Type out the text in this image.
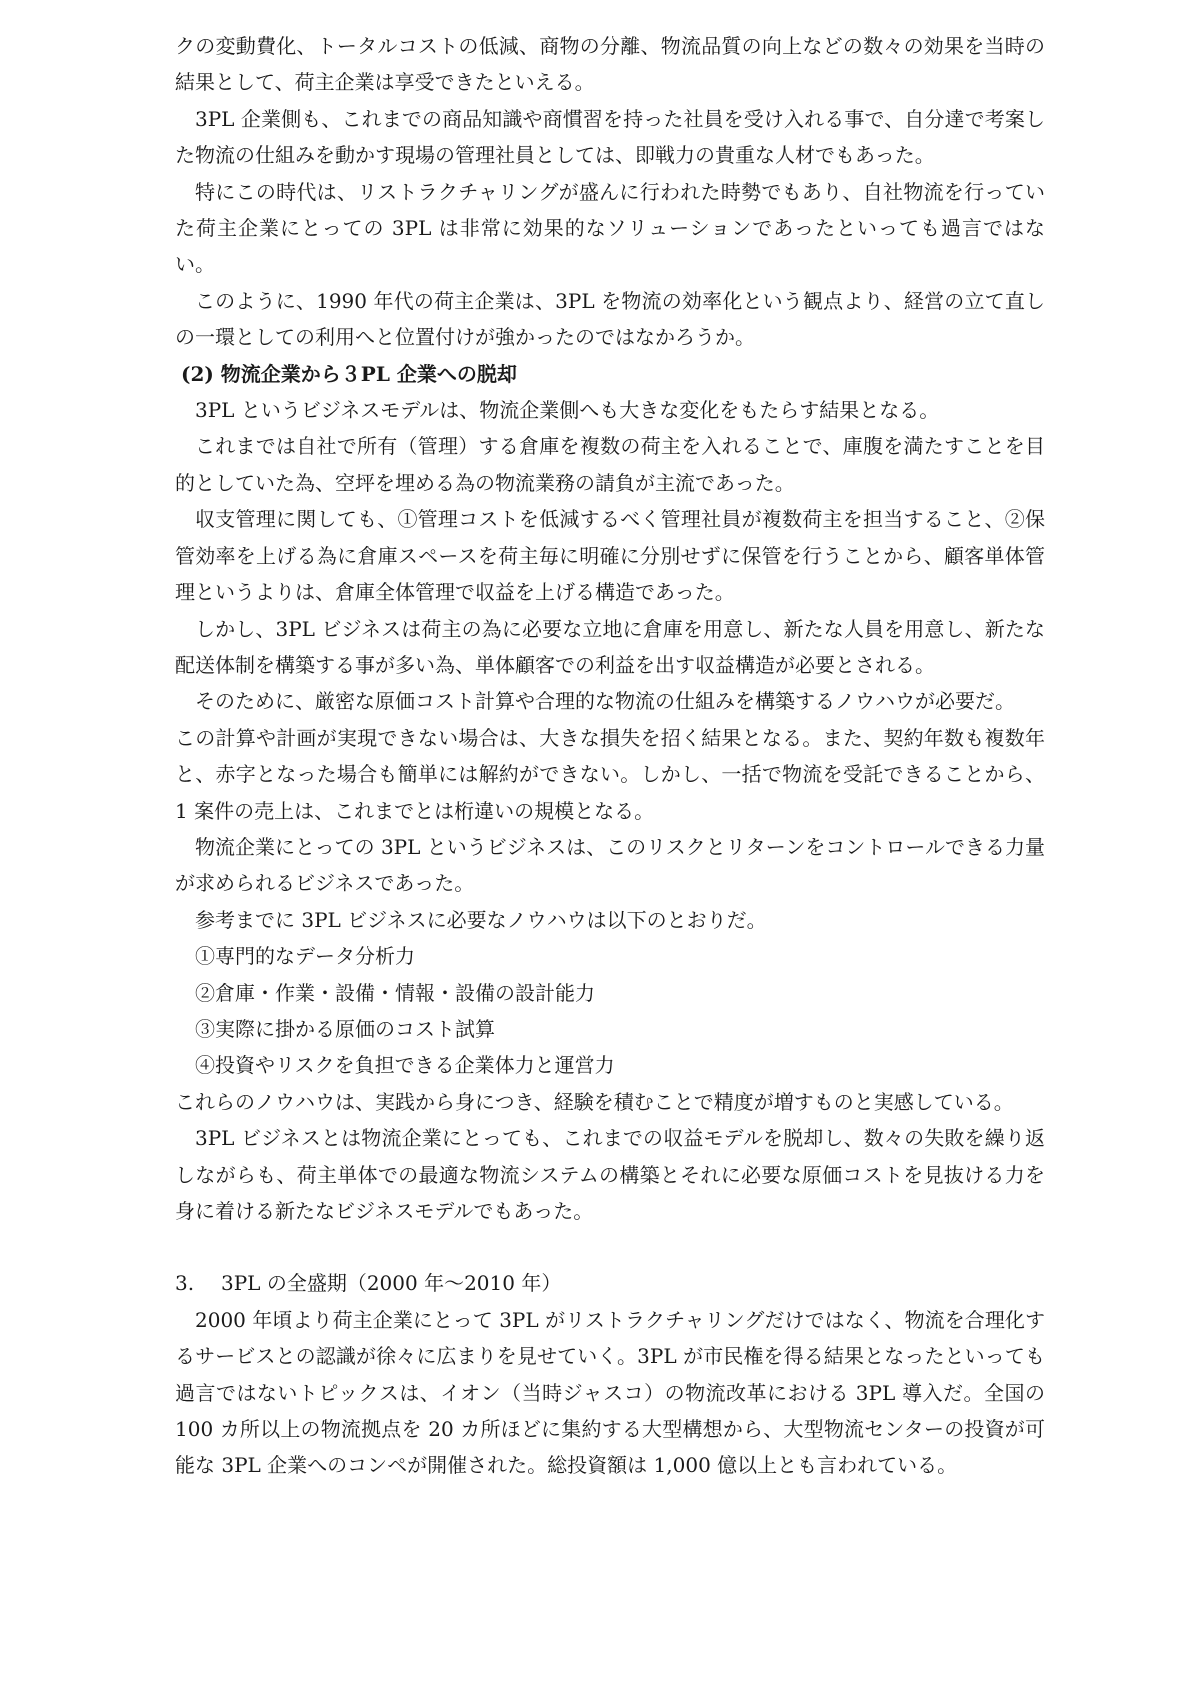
クの変動費化、トータルコストの低減、商物の分離、物流品質の向上などの数々の効果を当時の結果として、荷主企業は享受できたといえる。

3PL 企業側も、これまでの商品知識や商慣習を持った社員を受け入れる事で、自分達で考案した物流の仕組みを動かす現場の管理社員としては、即戦力の貴重な人材でもあった。

特にこの時代は、リストラクチャリングが盛んに行われた時勢でもあり、自社物流を行っていた荷主企業にとっての 3PL は非常に効果的なソリューションであったといっても過言ではない。

このように、1990 年代の荷主企業は、3PL を物流の効率化という観点より、経営の立て直しの一環としての利用へと位置付けが強かったのではなかろうか。

(2) 物流企業から３PL 企業への脱却

3PL というビジネスモデルは、物流企業側へも大きな変化をもたらす結果となる。

これまでは自社で所有（管理）する倉庫を複数の荷主を入れることで、庫腹を満たすことを目的としていた為、空坪を埋める為の物流業務の請負が主流であった。

収支管理に関しても、①管理コストを低減するべく管理社員が複数荷主を担当すること、②保管効率を上げる為に倉庫スペースを荷主毎に明確に分別せずに保管を行うことから、顧客単体管理というよりは、倉庫全体管理で収益を上げる構造であった。

しかし、3PL ビジネスは荷主の為に必要な立地に倉庫を用意し、新たな人員を用意し、新たな配送体制を構築する事が多い為、単体顧客での利益を出す収益構造が必要とされる。

そのために、厳密な原価コスト計算や合理的な物流の仕組みを構築するノウハウが必要だ。

この計算や計画が実現できない場合は、大きな損失を招く結果となる。また、契約年数も複数年と、赤字となった場合も簡単には解約ができない。しかし、一括で物流を受託できることから、1 案件の売上は、これまでとは桁違いの規模となる。

物流企業にとっての 3PL というビジネスは、このリスクとリターンをコントロールできる力量が求められるビジネスであった。

参考までに 3PL ビジネスに必要なノウハウは以下のとおりだ。

①専門的なデータ分析力

②倉庫・作業・設備・情報・設備の設計能力

③実際に掛かる原価のコスト試算

④投資やリスクを負担できる企業体力と運営力

これらのノウハウは、実践から身につき、経験を積むことで精度が増すものと実感している。

3PL ビジネスとは物流企業にとっても、これまでの収益モデルを脱却し、数々の失敗を繰り返しながらも、荷主単体での最適な物流システムの構築とそれに必要な原価コストを見抜ける力を身に着ける新たなビジネスモデルでもあった。

3. 3PL の全盛期（2000 年〜2010 年）

2000 年頃より荷主企業にとって 3PL がリストラクチャリングだけではなく、物流を合理化するサービスとの認識が徐々に広まりを見せていく。3PL が市民権を得る結果となったといっても過言ではないトピックスは、イオン（当時ジャスコ）の物流改革における 3PL 導入だ。全国の 100 カ所以上の物流拠点を 20 カ所ほどに集約する大型構想から、大型物流センターの投資が可能な 3PL 企業へのコンペが開催された。総投資額は 1,000 億以上とも言われている。
